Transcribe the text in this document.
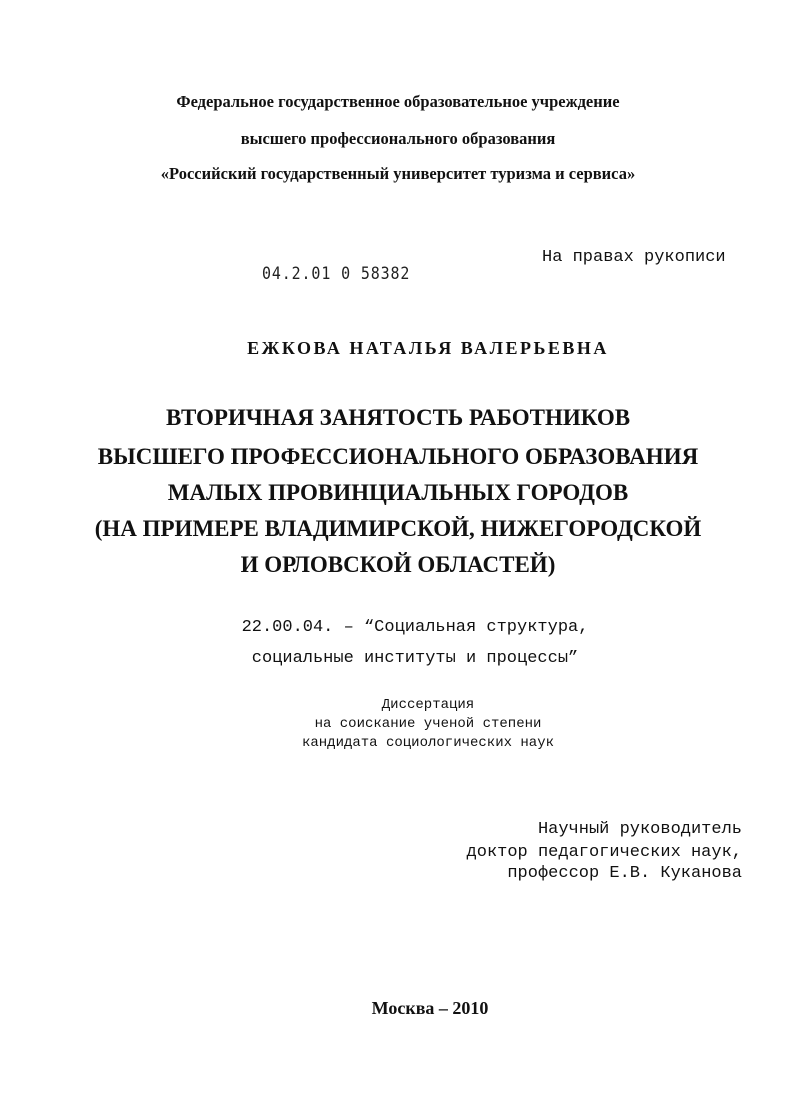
Федеральное государственное образовательное учреждение
высшего профессионального образования
«Российский государственный университет туризма и сервиса»
04.2.01 0 58382
На правах рукописи
ЕЖКОВА НАТАЛЬЯ ВАЛЕРЬЕВНА
ВТОРИЧНАЯ ЗАНЯТОСТЬ РАБОТНИКОВ
ВЫСШЕГО ПРОФЕССИОНАЛЬНОГО ОБРАЗОВАНИЯ
МАЛЫХ ПРОВИНЦИАЛЬНЫХ ГОРОДОВ
(НА ПРИМЕРЕ ВЛАДИМИРСКОЙ, НИЖЕГОРОДСКОЙ
И ОРЛОВСКОЙ ОБЛАСТЕЙ)
22.00.04. – “Социальная структура,
социальные институты и процессы”
Диссертация
на соискание ученой степени
кандидата социологических наук
Научный руководитель
доктор педагогических наук,
профессор Е.В. Куканова
Москва – 2010
